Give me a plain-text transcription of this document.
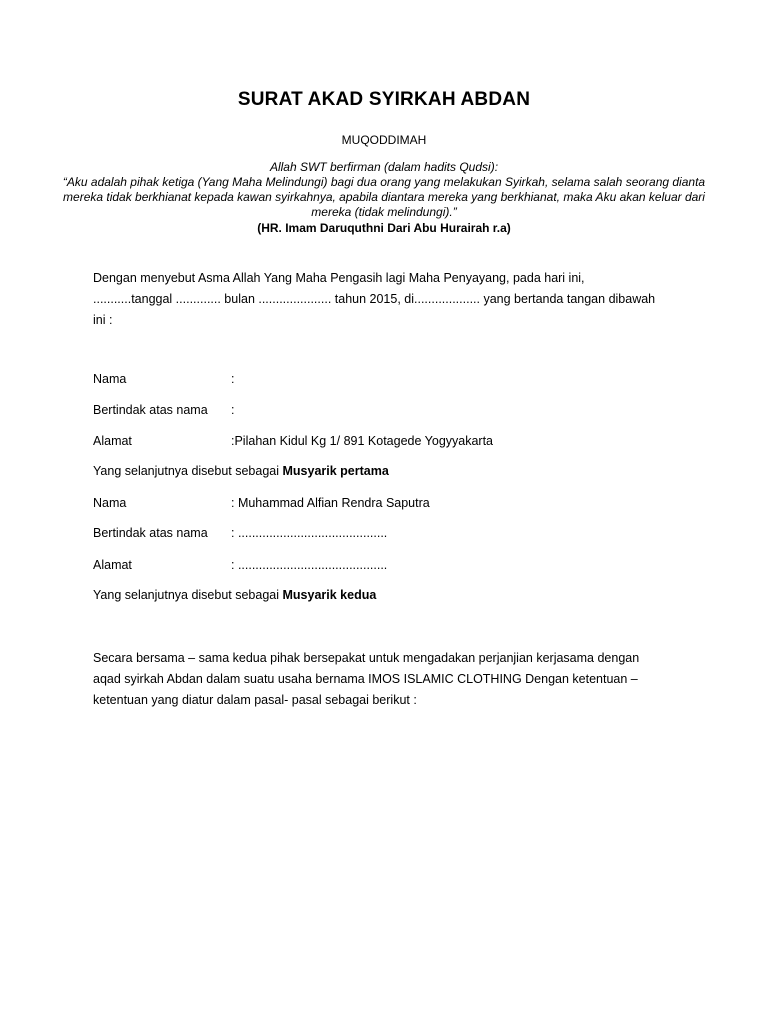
SURAT AKAD SYIRKAH ABDAN
MUQODDIMAH
Allah SWT berfirman (dalam hadits Qudsi):
“Aku adalah pihak ketiga (Yang Maha Melindungi) bagi dua orang yang melakukan Syirkah, selama salah seorang dianta mereka tidak berkhianat kepada kawan syirkahnya, apabila diantara mereka yang berkhianat, maka Aku akan keluar dari mereka (tidak melindungi).”
(HR. Imam Daruquthni Dari Abu Hurairah r.a)
Dengan menyebut Asma Allah Yang Maha Pengasih lagi Maha Penyayang, pada hari ini, ...........tanggal ............. bulan ..................... tahun 2015, di................... yang bertanda tangan dibawah ini :
Nama	:
Bertindak atas nama :
Alamat	:Pilahan Kidul Kg 1/ 891 Kotagede Yogyyakarta
Yang selanjutnya disebut sebagai Musyarik pertama
Nama	: Muhammad Alfian Rendra Saputra
Bertindak atas nama : ...........................................
Alamat	: ...........................................
Yang selanjutnya disebut sebagai Musyarik kedua
Secara bersama – sama kedua pihak bersepakat untuk mengadakan perjanjian kerjasama dengan aqad syirkah Abdan dalam suatu usaha bernama IMOS ISLAMIC CLOTHING Dengan ketentuan – ketentuan yang diatur dalam pasal- pasal sebagai berikut :
